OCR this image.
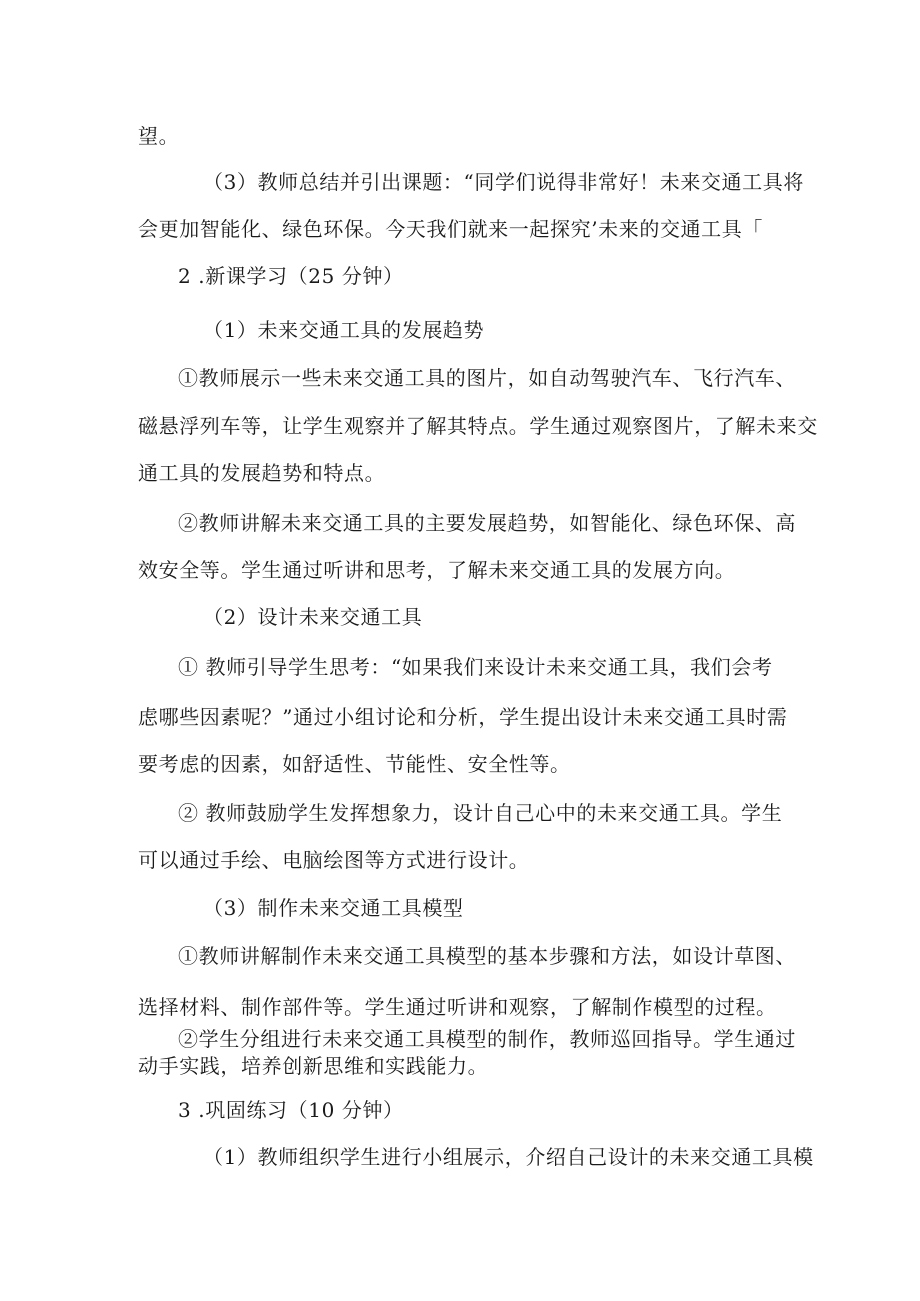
望。
（3）教师总结并引出课题：“同学们说得非常好！未来交通工具将
会更加智能化、绿色环保。今天我们就来一起探究’未来的交通工具「
2 .新课学习（25 分钟）
（1）未来交通工具的发展趋势
①教师展示一些未来交通工具的图片，如自动驾驶汽车、飞行汽车、
磁悬浮列车等，让学生观察并了解其特点。学生通过观察图片，了解未来交
通工具的发展趋势和特点。
②教师讲解未来交通工具的主要发展趋势，如智能化、绿色环保、高
效安全等。学生通过听讲和思考，了解未来交通工具的发展方向。
（2）设计未来交通工具
① 教师引导学生思考：“如果我们来设计未来交通工具，我们会考
虑哪些因素呢？”通过小组讨论和分析，学生提出设计未来交通工具时需
要考虑的因素，如舒适性、节能性、安全性等。
② 教师鼓励学生发挥想象力，设计自己心中的未来交通工具。学生
可以通过手绘、电脑绘图等方式进行设计。
（3）制作未来交通工具模型
①教师讲解制作未来交通工具模型的基本步骤和方法，如设计草图、
选择材料、制作部件等。学生通过听讲和观察，了解制作模型的过程。
②学生分组进行未来交通工具模型的制作，教师巡回指导。学生通过
动手实践，培养创新思维和实践能力。
3 .巩固练习（10 分钟）
（1）教师组织学生进行小组展示，介绍自己设计的未来交通工具模
